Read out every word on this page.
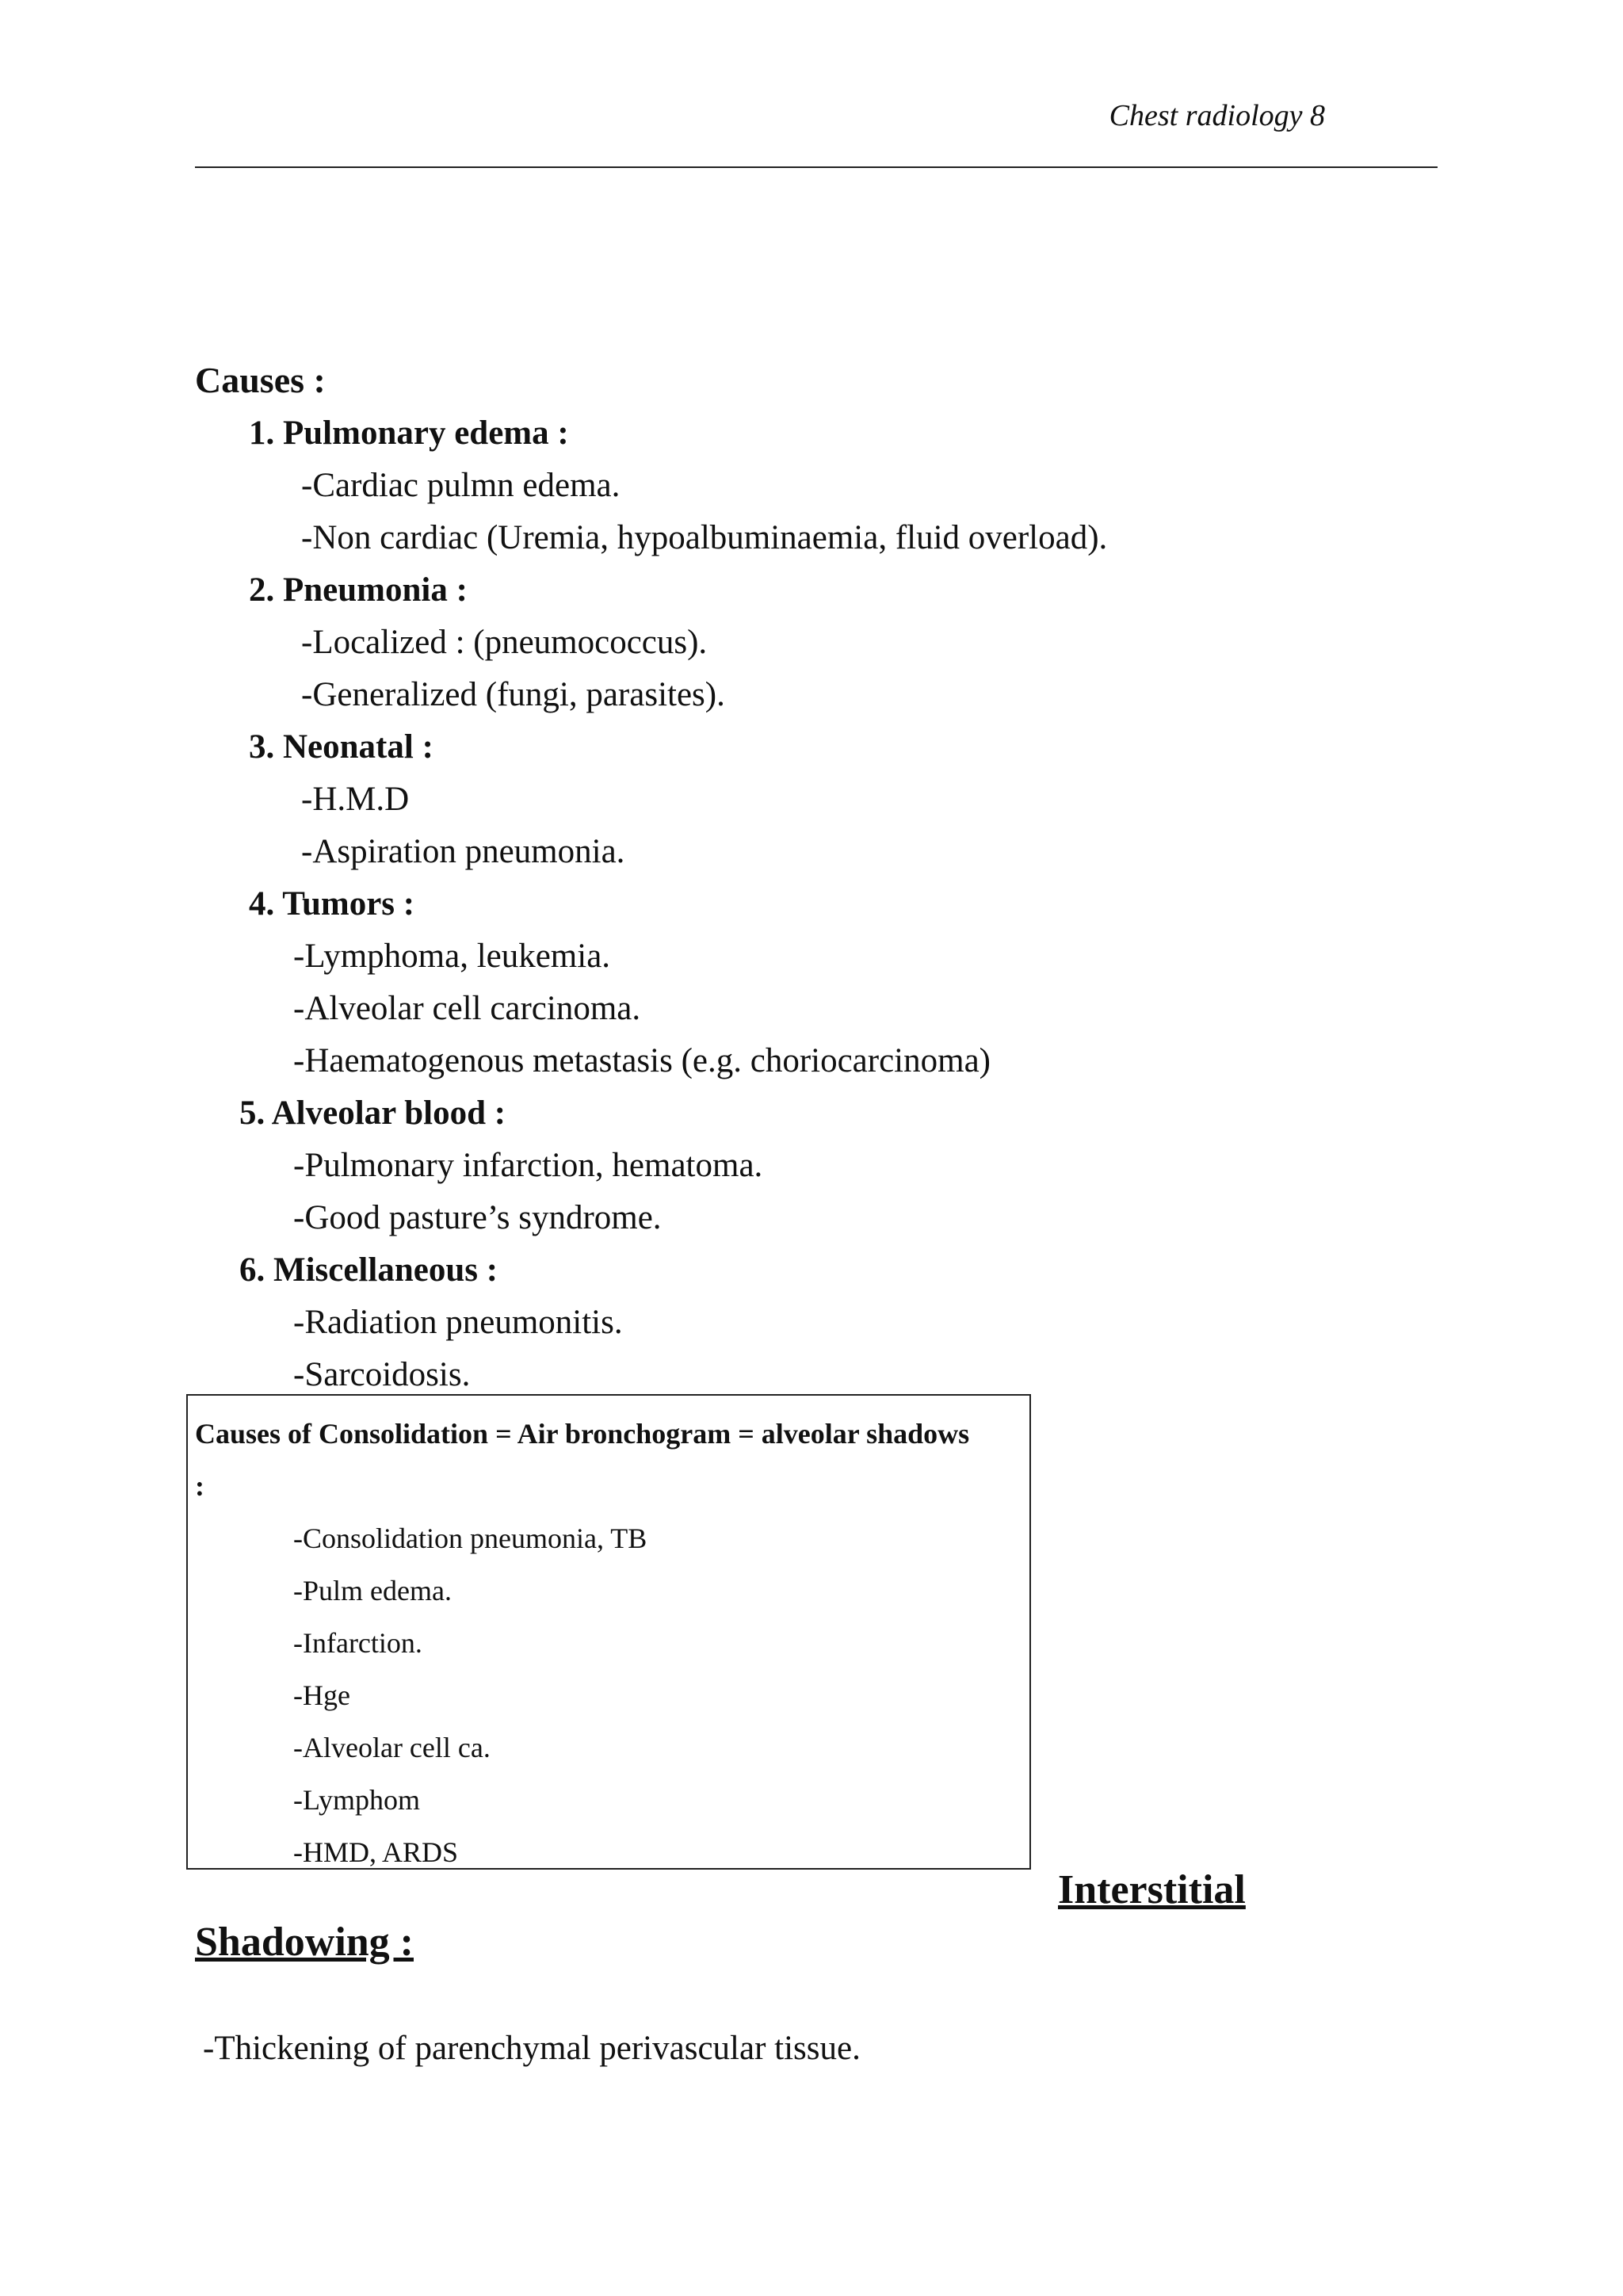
Chest radiology 8
Causes :
1. Pulmonary edema :
-Cardiac pulmn edema.
-Non cardiac (Uremia, hypoalbuminaemia, fluid overload).
2. Pneumonia :
-Localized : (pneumococcus).
-Generalized (fungi, parasites).
3. Neonatal :
-H.M.D
-Aspiration pneumonia.
4. Tumors :
-Lymphoma, leukemia.
-Alveolar cell carcinoma.
-Haematogenous metastasis (e.g. choriocarcinoma)
5. Alveolar blood :
-Pulmonary infarction, hematoma.
-Good pasture’s syndrome.
6. Miscellaneous :
-Radiation pneumonitis.
-Sarcoidosis.
Causes of Consolidation = Air bronchogram = alveolar shadows
:
-Consolidation pneumonia, TB
-Pulm edema.
-Infarction.
-Hge
-Alveolar cell ca.
-Lymphom
-HMD, ARDS
Interstitial
Shadowing :
-Thickening of parenchymal perivascular tissue.
